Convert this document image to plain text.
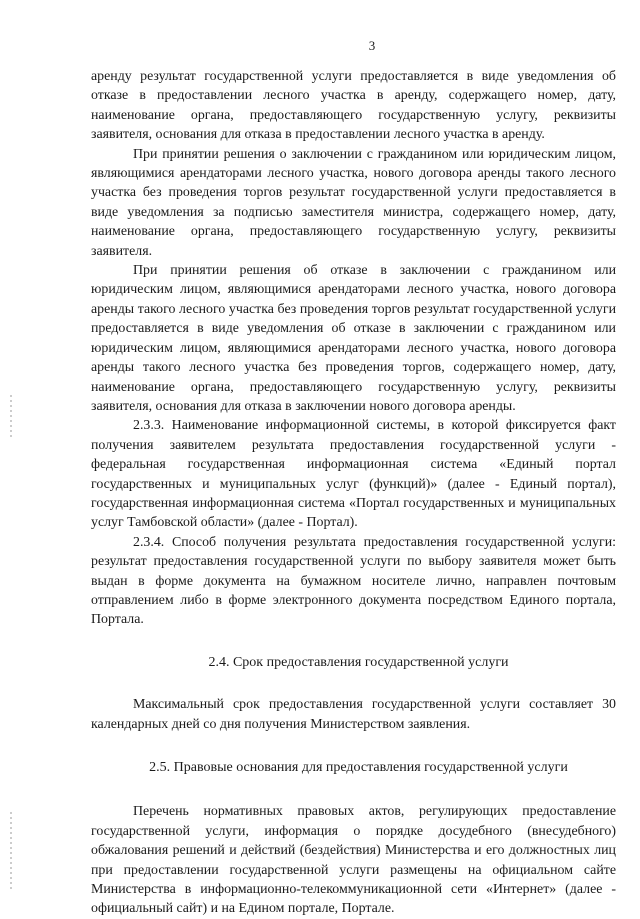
3

аренду результат государственной услуги предоставляется в виде уведомления об отказе в предоставлении лесного участка в аренду, содержащего номер, дату, наименование органа, предоставляющего государственную услугу, реквизиты заявителя, основания для отказа в предоставлении лесного участка в аренду.

При принятии решения о заключении с гражданином или юридическим лицом, являющимися арендаторами лесного участка, нового договора аренды такого лесного участка без проведения торгов результат государственной услуги предоставляется в виде уведомления за подписью заместителя министра, содержащего номер, дату, наименование органа, предоставляющего государственную услугу, реквизиты заявителя.

При принятии решения об отказе в заключении с гражданином или юридическим лицом, являющимися арендаторами лесного участка, нового договора аренды такого лесного участка без проведения торгов результат государственной услуги предоставляется в виде уведомления об отказе в заключении с гражданином или юридическим лицом, являющимися арендаторами лесного участка, нового договора аренды такого лесного участка без проведения торгов, содержащего номер, дату, наименование органа, предоставляющего государственную услугу, реквизиты заявителя, основания для отказа в заключении нового договора аренды.

2.3.3. Наименование информационной системы, в которой фиксируется факт получения заявителем результата предоставления государственной услуги - федеральная государственная информационная система «Единый портал государственных и муниципальных услуг (функций)» (далее - Единый портал), государственная информационная система «Портал государственных и муниципальных услуг Тамбовской области» (далее - Портал).

2.3.4. Способ получения результата предоставления государственной услуги: результат предоставления государственной услуги по выбору заявителя может быть выдан в форме документа на бумажном носителе лично, направлен почтовым отправлением либо в форме электронного документа посредством Единого портала, Портала.

2.4. Срок предоставления государственной услуги

Максимальный срок предоставления государственной услуги составляет 30 календарных дней со дня получения Министерством заявления.

2.5. Правовые основания для предоставления государственной услуги

Перечень нормативных правовых актов, регулирующих предоставление государственной услуги, информация о порядке досудебного (внесудебного) обжалования решений и действий (бездействия) Министерства и его должностных лиц при предоставлении государственной услуги размещены на официальном сайте Министерства в информационно-телекоммуникационной сети «Интернет» (далее - официальный сайт) и на Едином портале, Портале.
